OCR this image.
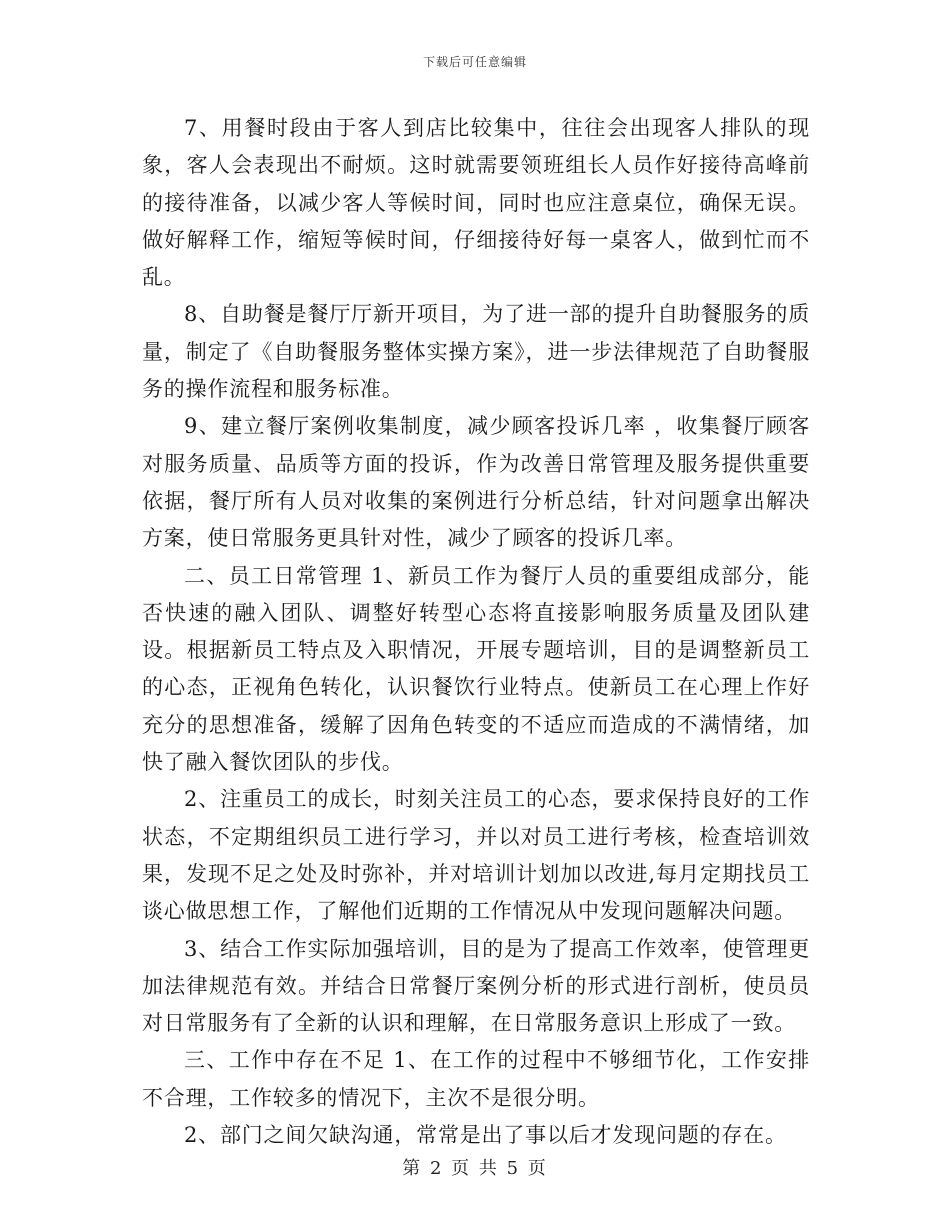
下载后可任意编辑

7、用餐时段由于客人到店比较集中，往往会出现客人排队的现象，客人会表现出不耐烦。这时就需要领班组长人员作好接待高峰前的接待准备，以减少客人等候时间，同时也应注意桌位，确保无误。做好解释工作，缩短等候时间，仔细接待好每一桌客人，做到忙而不乱。

8、自助餐是餐厅厅新开项目，为了进一部的提升自助餐服务的质量，制定了《自助餐服务整体实操方案》，进一步法律规范了自助餐服务的操作流程和服务标准。

9、建立餐厅案例收集制度，减少顾客投诉几率 ，收集餐厅顾客对服务质量、品质等方面的投诉，作为改善日常管理及服务提供重要依据，餐厅所有人员对收集的案例进行分析总结，针对问题拿出解决方案，使日常服务更具针对性，减少了顾客的投诉几率。

二、员工日常管理 1、新员工作为餐厅人员的重要组成部分，能否快速的融入团队、调整好转型心态将直接影响服务质量及团队建设。根据新员工特点及入职情况，开展专题培训，目的是调整新员工的心态，正视角色转化，认识餐饮行业特点。使新员工在心理上作好充分的思想准备，缓解了因角色转变的不适应而造成的不满情绪，加快了融入餐饮团队的步伐。

2、注重员工的成长，时刻关注员工的心态，要求保持良好的工作状态，不定期组织员工进行学习，并以对员工进行考核，检查培训效果，发现不足之处及时弥补，并对培训计划加以改进,每月定期找员工谈心做思想工作，了解他们近期的工作情况从中发现问题解决问题。

3、结合工作实际加强培训，目的是为了提高工作效率，使管理更加法律规范有效。并结合日常餐厅案例分析的形式进行剖析，使员员对日常服务有了全新的认识和理解，在日常服务意识上形成了一致。

三、工作中存在不足 1、在工作的过程中不够细节化，工作安排不合理，工作较多的情况下，主次不是很分明。

2、部门之间欠缺沟通，常常是出了事以后才发现问题的存在。

第 2 页 共 5 页
